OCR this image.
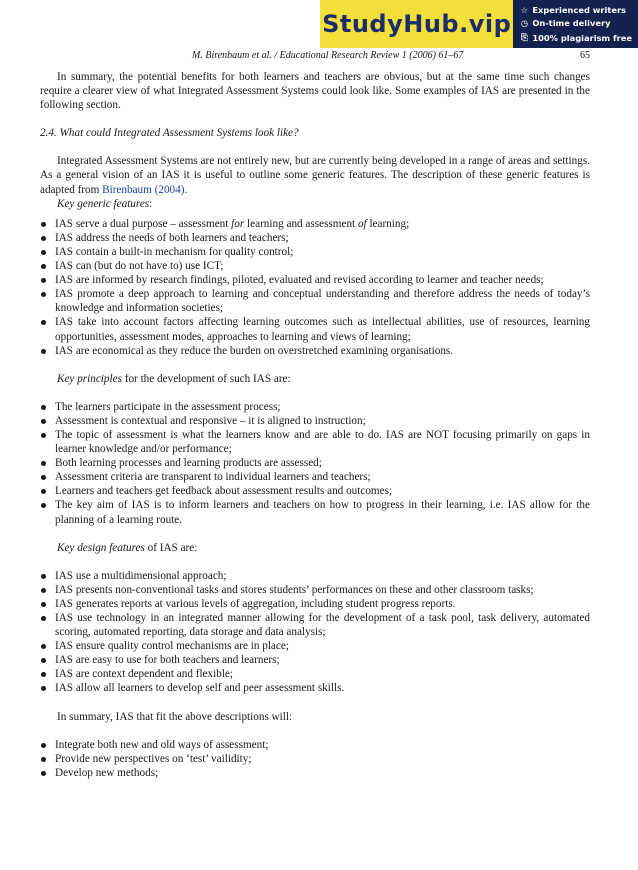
StudyHub.vip
☆ Experienced writers
◷ On-time delivery
⎘ 100% plagiarism free
M. Birenbaum et al. / Educational Research Review 1 (2006) 61–67	65

In summary, the potential benefits for both learners and teachers are obvious, but at the same time such changes require a clearer view of what Integrated Assessment Systems could look like. Some examples of IAS are presented in the following section.

2.4. What could Integrated Assessment Systems look like?

Integrated Assessment Systems are not entirely new, but are currently being developed in a range of areas and settings. As a general vision of an IAS it is useful to outline some generic features. The description of these generic features is adapted from Birenbaum (2004).

Key generic features:

IAS serve a dual purpose – assessment for learning and assessment of learning;
IAS address the needs of both learners and teachers;
IAS contain a built-in mechanism for quality control;
IAS can (but do not have to) use ICT;
IAS are informed by research findings, piloted, evaluated and revised according to learner and teacher needs;
IAS promote a deep approach to learning and conceptual understanding and therefore address the needs of today’s knowledge and information societies;
IAS take into account factors affecting learning outcomes such as intellectual abilities, use of resources, learning opportunities, assessment modes, approaches to learning and views of learning;
IAS are economical as they reduce the burden on overstretched examining organisations.

Key principles for the development of such IAS are:

The learners participate in the assessment process;
Assessment is contextual and responsive – it is aligned to instruction;
The topic of assessment is what the learners know and are able to do. IAS are NOT focusing primarily on gaps in learner knowledge and/or performance;
Both learning processes and learning products are assessed;
Assessment criteria are transparent to individual learners and teachers;
Learners and teachers get feedback about assessment results and outcomes;
The key aim of IAS is to inform learners and teachers on how to progress in their learning, i.e. IAS allow for the planning of a learning route.

Key design features of IAS are:

IAS use a multidimensional approach;
IAS presents non-conventional tasks and stores students’ performances on these and other classroom tasks;
IAS generates reports at various levels of aggregation, including student progress reports.
IAS use technology in an integrated manner allowing for the development of a task pool, task delivery, automated scoring, automated reporting, data storage and data analysis;
IAS ensure quality control mechanisms are in place;
IAS are easy to use for both teachers and learners;
IAS are context dependent and flexible;
IAS allow all learners to develop self and peer assessment skills.

In summary, IAS that fit the above descriptions will:

Integrate both new and old ways of assessment;
Provide new perspectives on ‘test’ vailidity;
Develop new methods;
